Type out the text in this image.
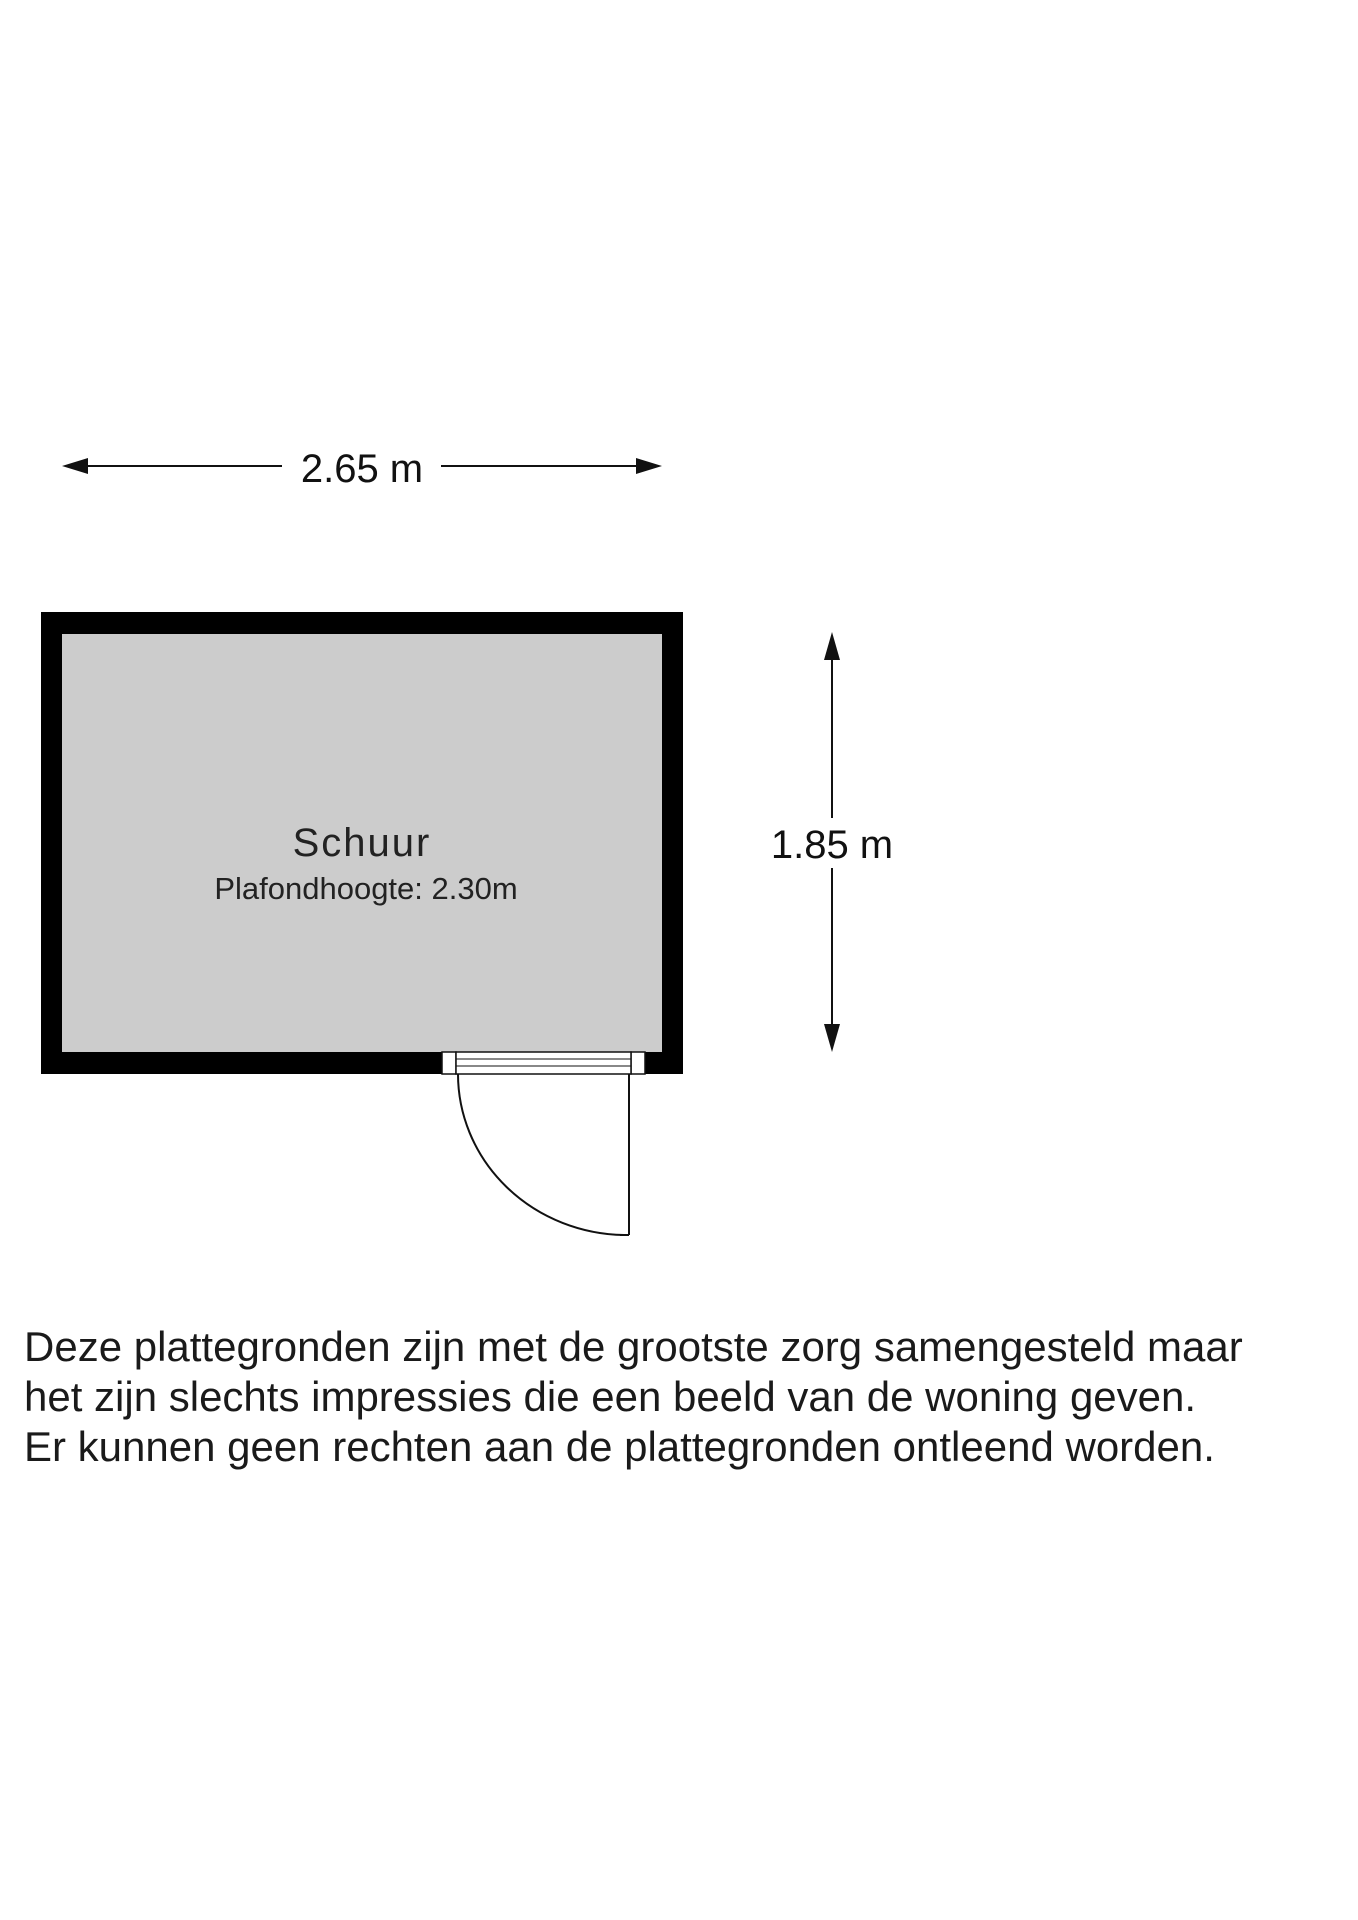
2.65 m
1.85 m
Schuur
Plafondhoogte: 2.30m
Deze plattegronden zijn met de grootste zorg samengesteld maar
het zijn slechts impressies die een beeld van de woning geven.
Er kunnen geen rechten aan de plattegronden ontleend worden.
